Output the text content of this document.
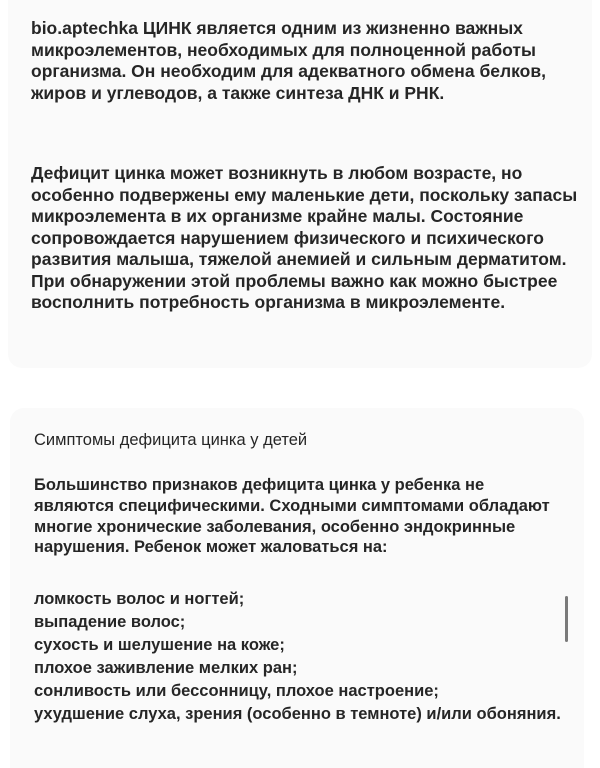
bio.aptechka ЦИНК является одним из жизненно важных микроэлементов, необходимых для полноценной работы организма. Он необходим для адекватного обмена белков, жиров и углеводов, а также синтеза ДНК и РНК.

Дефицит цинка может возникнуть в любом возрасте, но особенно подвержены ему маленькие дети, поскольку запасы микроэлемента в их организме крайне малы. Состояние сопровождается нарушением физического и психического развития малыша, тяжелой анемией и сильным дерматитом. При обнаружении этой проблемы важно как можно быстрее восполнить потребность организма в микроэлементе.

Симптомы дефицита цинка у детей

Большинство признаков дефицита цинка у ребенка не являются специфическими. Сходными симптомами обладают многие хронические заболевания, особенно эндокринные нарушения. Ребенок может жаловаться на:

ломкость волос и ногтей;
выпадение волос;
сухость и шелушение на коже;
плохое заживление мелких ран;
сонливость или бессонницу, плохое настроение;
ухудшение слуха, зрения (особенно в темноте) и/или обоняния.
